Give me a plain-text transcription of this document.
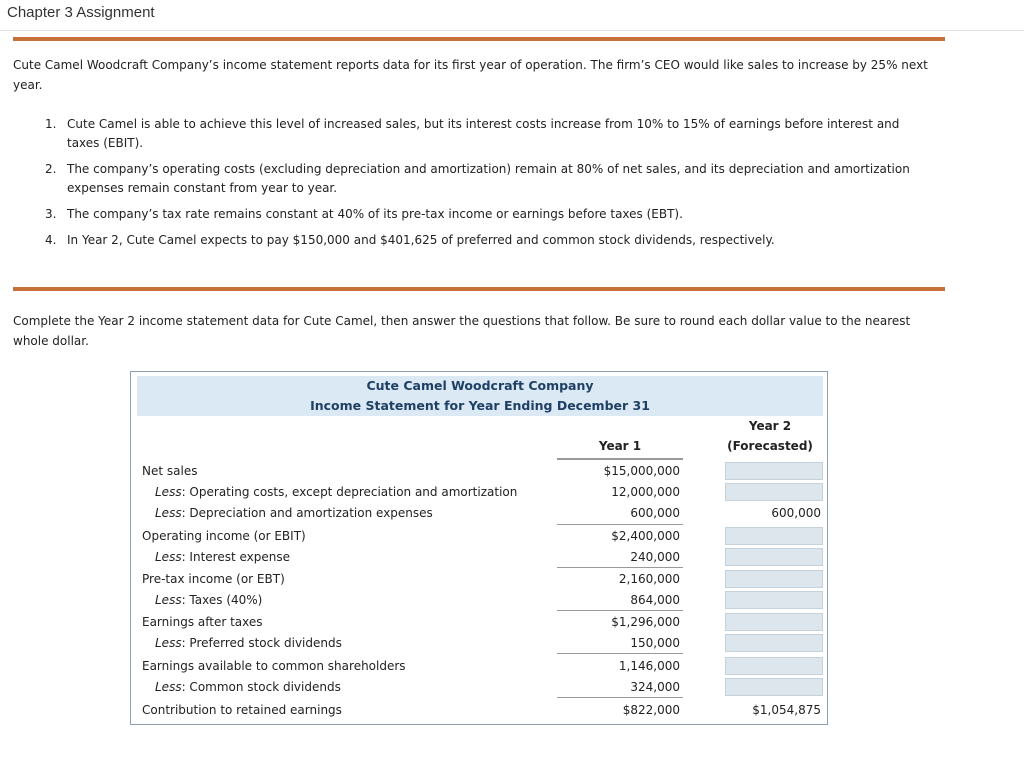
Chapter 3 Assignment
Cute Camel Woodcraft Company’s income statement reports data for its first year of operation. The firm’s CEO would like sales to increase by 25% next year.
1. Cute Camel is able to achieve this level of increased sales, but its interest costs increase from 10% to 15% of earnings before interest and taxes (EBIT).
2. The company’s operating costs (excluding depreciation and amortization) remain at 80% of net sales, and its depreciation and amortization expenses remain constant from year to year.
3. The company’s tax rate remains constant at 40% of its pre-tax income or earnings before taxes (EBT).
4. In Year 2, Cute Camel expects to pay $150,000 and $401,625 of preferred and common stock dividends, respectively.
Complete the Year 2 income statement data for Cute Camel, then answer the questions that follow. Be sure to round each dollar value to the nearest whole dollar.
Cute Camel Woodcraft Company
Income Statement for Year Ending December 31
Year 1
Year 2
(Forecasted)
Net sales	$15,000,000
Less: Operating costs, except depreciation and amortization	12,000,000
Less: Depreciation and amortization expenses	600,000	600,000
Operating income (or EBIT)	$2,400,000
Less: Interest expense	240,000
Pre-tax income (or EBT)	2,160,000
Less: Taxes (40%)	864,000
Earnings after taxes	$1,296,000
Less: Preferred stock dividends	150,000
Earnings available to common shareholders	1,146,000
Less: Common stock dividends	324,000
Contribution to retained earnings	$822,000	$1,054,875
